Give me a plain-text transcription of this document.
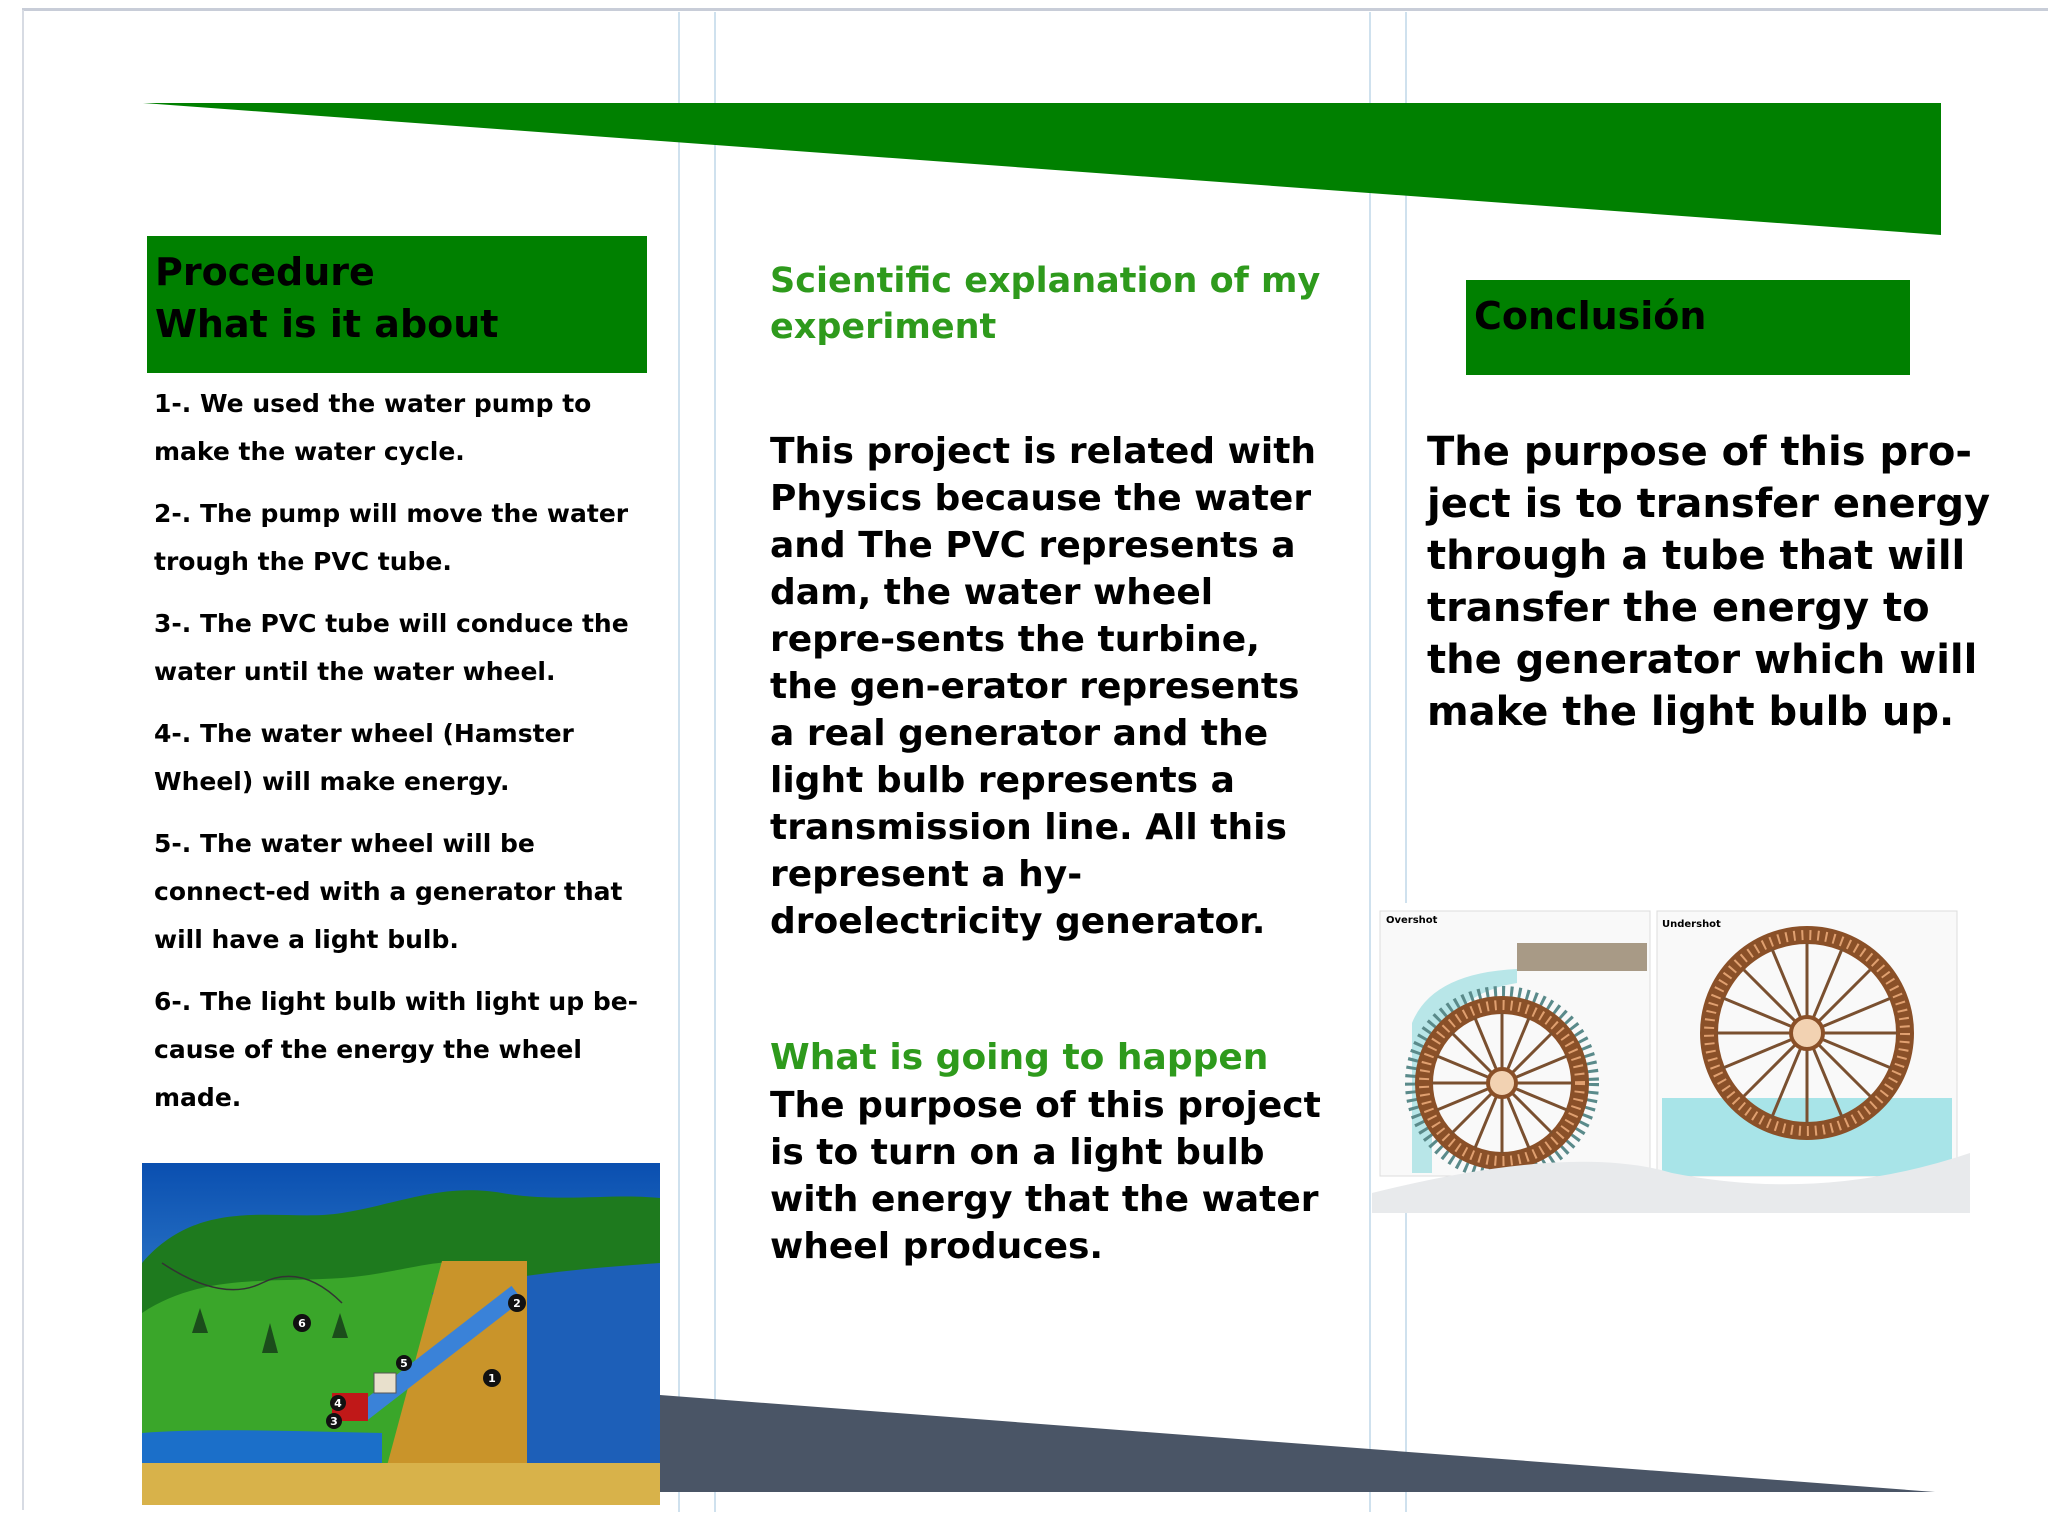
Procedure
What is it about
1-. We used the water pump to make the water cycle.
2-. The pump will move the water trough the PVC tube.
3-. The PVC tube will conduce the water until the water wheel.
4-. The water wheel (Hamster Wheel) will make energy.
5-. The water wheel will be connect-ed with a generator that will have a light bulb.
6-. The light bulb with light up be-cause of the energy the wheel made.
1
2
3
4
5
6
Scientific explanation of my experiment
This project is related with Physics because the water and The PVC represents a dam, the water wheel repre-sents the turbine, the gen-erator represents a real generator and the light bulb represents a transmission line. All this represent a hy-droelectricity generator.
What is going to happen
The purpose of this project is to turn on a light bulb with energy that the water wheel produces.
Conclusión
The purpose of this pro-ject is to transfer energy through a tube that will transfer the energy to the generator which will make the light bulb up.
Overshot	Undershot
